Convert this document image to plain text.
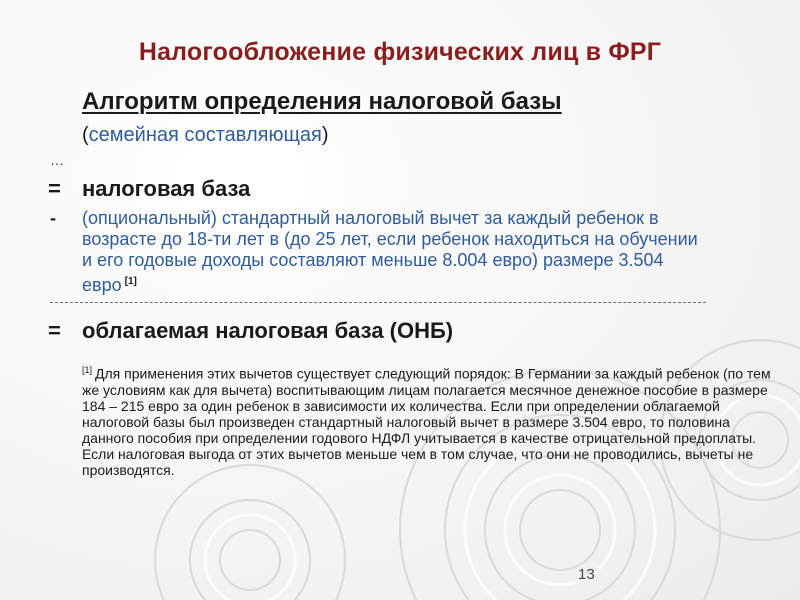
Налогообложение физических лиц в ФРГ
Алгоритм определения налоговой базы
(семейная составляющая)
…
= налоговая база
-	(опциональный) стандартный налоговый вычет за каждый ребенок в возрасте до 18-ти лет в (до 25 лет, если ребенок находиться на обучении и его годовые доходы составляют меньше 8.004 евро) размере 3.504 евро [1]
= облагаемая налоговая база (ОНБ)
[1] Для применения этих вычетов существует следующий порядок: В Германии за каждый ребенок (по тем же условиям как для вычета) воспитывающим лицам полагается месячное денежное пособие в размере 184 – 215 евро за один ребенок в зависимости их количества. Если при определении облагаемой налоговой базы был произведен стандартный налоговый вычет в размере 3.504 евро, то половина данного пособия при определении годового НДФЛ учитывается в качестве отрицательной предоплаты. Если налоговая выгода от этих вычетов меньше чем в том случае, что они не проводились, вычеты не производятся.
13
